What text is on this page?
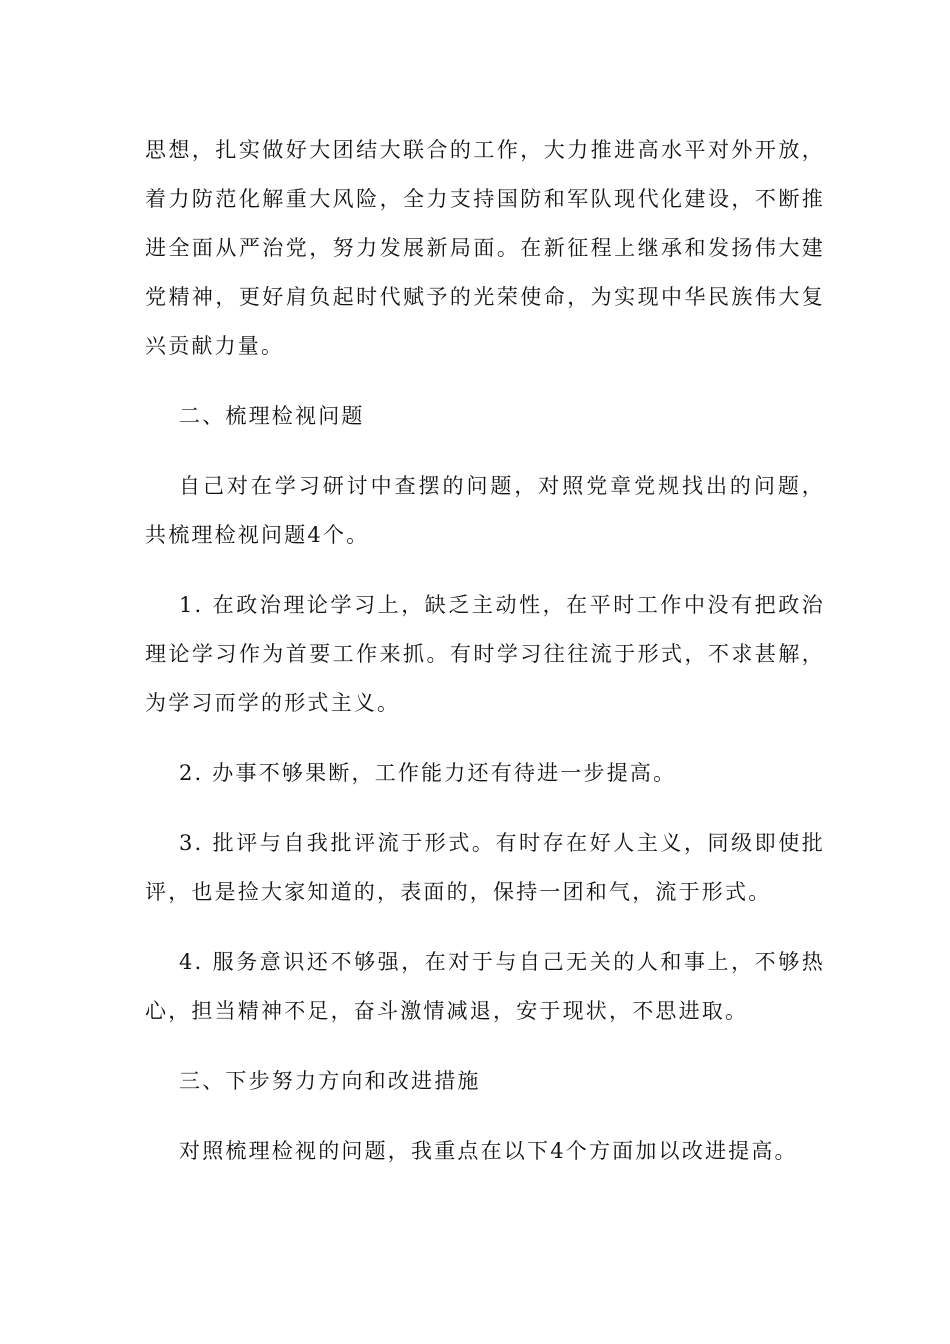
思想，扎实做好大团结大联合的工作，大力推进高水平对外开放，着力防范化解重大风险，全力支持国防和军队现代化建设，不断推进全面从严治党，努力发展新局面。在新征程上继承和发扬伟大建党精神，更好肩负起时代赋予的光荣使命，为实现中华民族伟大复兴贡献力量。

二、梳理检视问题

自己对在学习研讨中查摆的问题，对照党章党规找出的问题，共梳理检视问题4个。

1. 在政治理论学习上，缺乏主动性，在平时工作中没有把政治理论学习作为首要工作来抓。有时学习往往流于形式，不求甚解，为学习而学的形式主义。

2. 办事不够果断，工作能力还有待进一步提高。

3. 批评与自我批评流于形式。有时存在好人主义，同级即使批评，也是捡大家知道的，表面的，保持一团和气，流于形式。

4. 服务意识还不够强，在对于与自己无关的人和事上，不够热心，担当精神不足，奋斗激情减退，安于现状，不思进取。

三、下步努力方向和改进措施

对照梳理检视的问题，我重点在以下4个方面加以改进提高。
